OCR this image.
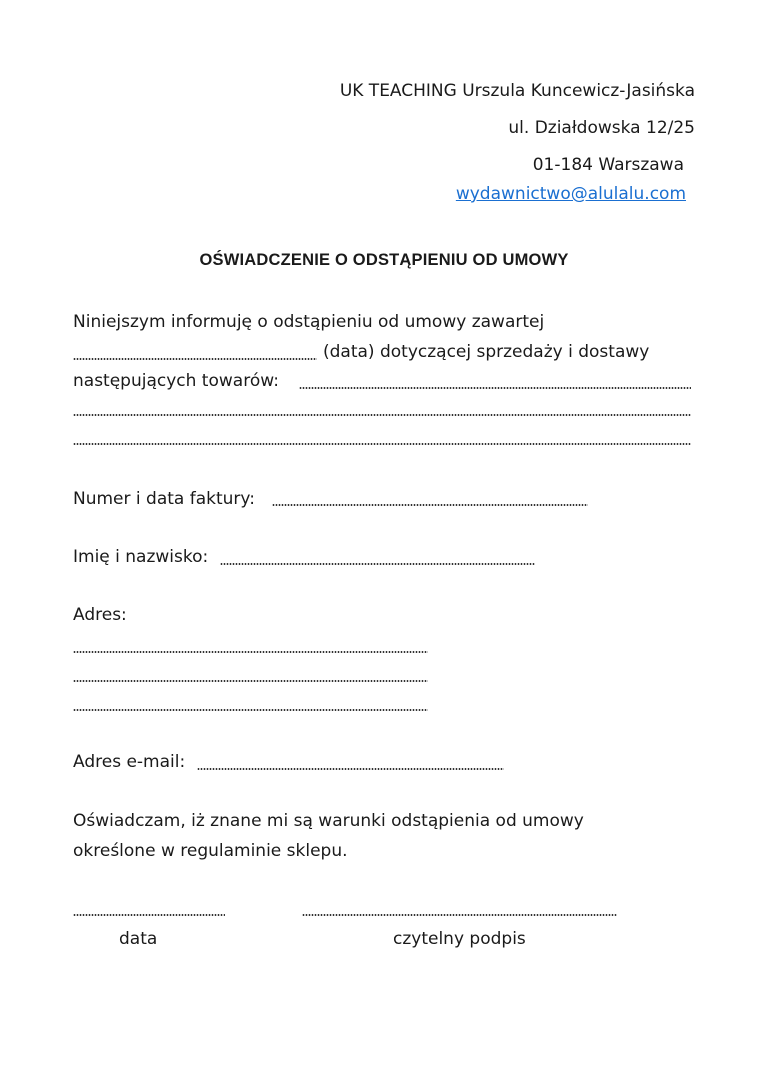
UK TEACHING Urszula Kuncewicz-Jasińska
ul. Działdowska 12/25
01-184 Warszawa
wydawnictwo@alulalu.com
OŚWIADCZENIE O ODSTĄPIENIU OD UMOWY
Niniejszym informuję o odstąpieniu od umowy zawartej
(data) dotyczącej sprzedaży i dostawy
następujących towarów:
Numer i data faktury:
Imię i nazwisko:
Adres:
Adres e-mail:
Oświadczam, iż znane mi są warunki odstąpienia od umowy
określone w regulaminie sklepu.
data	czytelny podpis
